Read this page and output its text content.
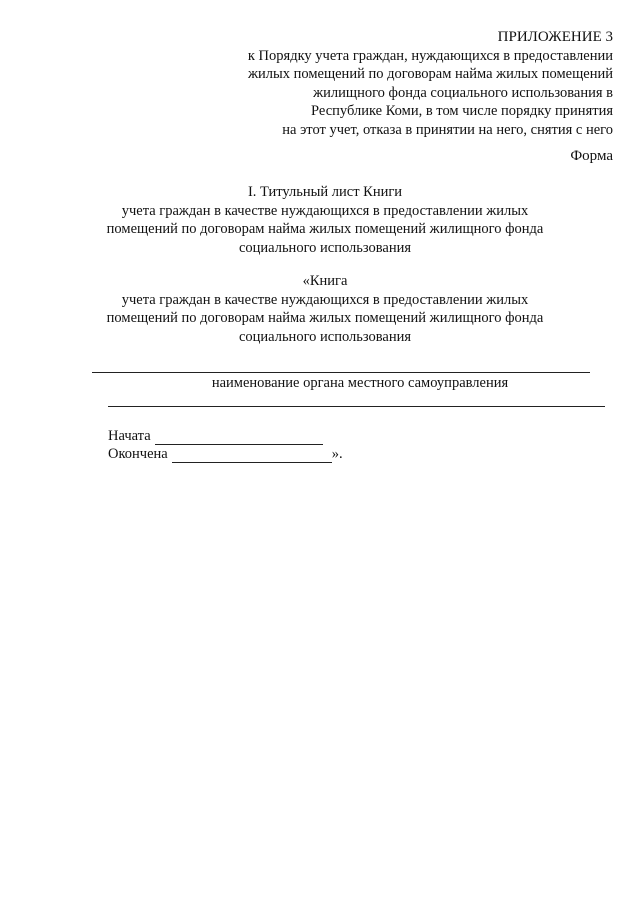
ПРИЛОЖЕНИЕ 3
к Порядку учета граждан, нуждающихся в предоставлении
жилых помещений по договорам найма жилых помещений
жилищного фонда социального использования в
Республике Коми, в том числе порядку принятия
на этот учет, отказа в принятии на него, снятия с него
Форма
I. Титульный лист Книги
учета граждан в качестве нуждающихся в предоставлении жилых
помещений по договорам найма жилых помещений жилищного фонда
социального использования
«Книга
учета граждан в качестве нуждающихся в предоставлении жилых
помещений по договорам найма жилых помещений жилищного фонда
социального использования
наименование органа местного самоуправления
Начата
Окончена	».
